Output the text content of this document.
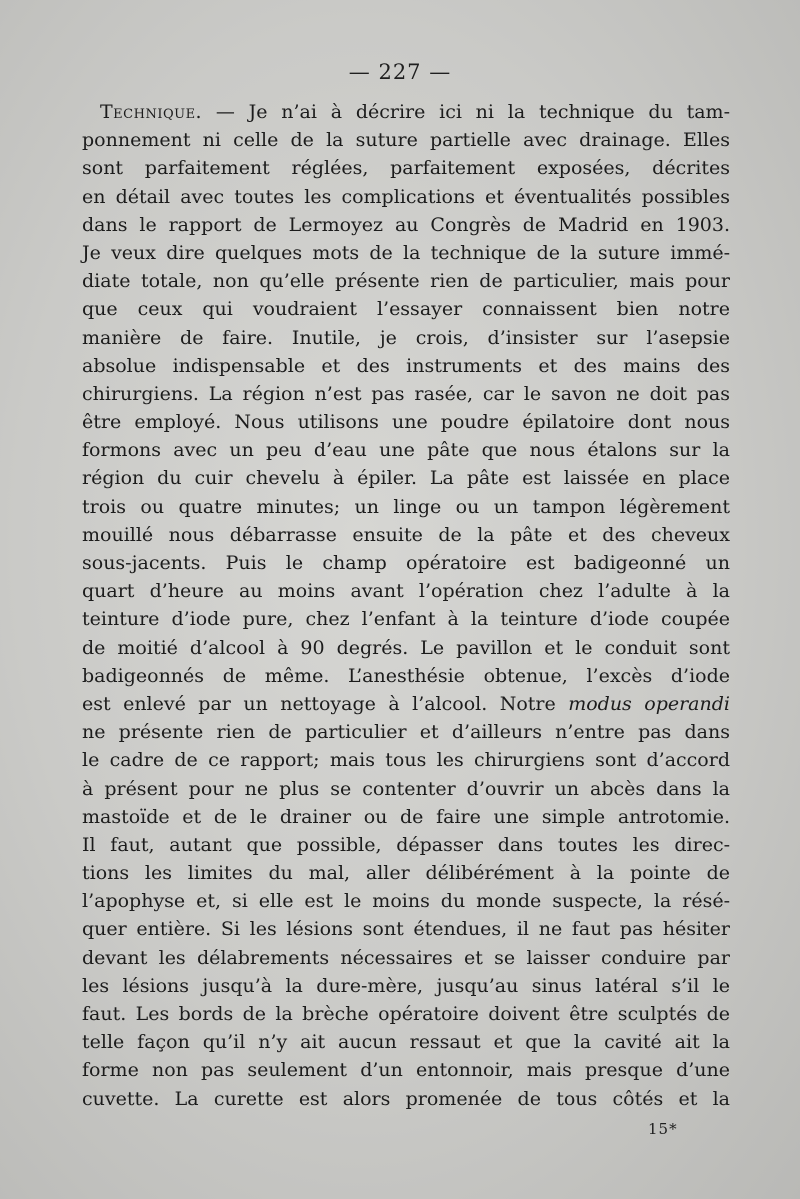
— 227 —
Technique. — Je n’ai à décrire ici ni la technique du tam-
ponnement ni celle de la suture partielle avec drainage. Elles
sont parfaitement réglées, parfaitement exposées, décrites
en détail avec toutes les complications et éventualités possibles
dans le rapport de Lermoyez au Congrès de Madrid en 1903.
Je veux dire quelques mots de la technique de la suture immé-
diate totale, non qu’elle présente rien de particulier, mais pour
que ceux qui voudraient l’essayer connaissent bien notre
manière de faire. Inutile, je crois, d’insister sur l’asepsie
absolue indispensable et des instruments et des mains des
chirurgiens. La région n’est pas rasée, car le savon ne doit pas
être employé. Nous utilisons une poudre épilatoire dont nous
formons avec un peu d’eau une pâte que nous étalons sur la
région du cuir chevelu à épiler. La pâte est laissée en place
trois ou quatre minutes; un linge ou un tampon légèrement
mouillé nous débarrasse ensuite de la pâte et des cheveux
sous-jacents. Puis le champ opératoire est badigeonné un
quart d’heure au moins avant l’opération chez l’adulte à la
teinture d’iode pure, chez l’enfant à la teinture d’iode coupée
de moitié d’alcool à 90 degrés. Le pavillon et le conduit sont
badigeonnés de même. L’anesthésie obtenue, l’excès d’iode
est enlevé par un nettoyage à l’alcool. Notre modus operandi
ne présente rien de particulier et d’ailleurs n’entre pas dans
le cadre de ce rapport; mais tous les chirurgiens sont d’accord
à présent pour ne plus se contenter d’ouvrir un abcès dans la
mastoïde et de le drainer ou de faire une simple antrotomie.
Il faut, autant que possible, dépasser dans toutes les direc-
tions les limites du mal, aller délibérément à la pointe de
l’apophyse et, si elle est le moins du monde suspecte, la résé-
quer entière. Si les lésions sont étendues, il ne faut pas hésiter
devant les délabrements nécessaires et se laisser conduire par
les lésions jusqu’à la dure-mère, jusqu’au sinus latéral s’il le
faut. Les bords de la brèche opératoire doivent être sculptés de
telle façon qu’il n’y ait aucun ressaut et que la cavité ait la
forme non pas seulement d’un entonnoir, mais presque d’une
cuvette. La curette est alors promenée de tous côtés et la
15*
